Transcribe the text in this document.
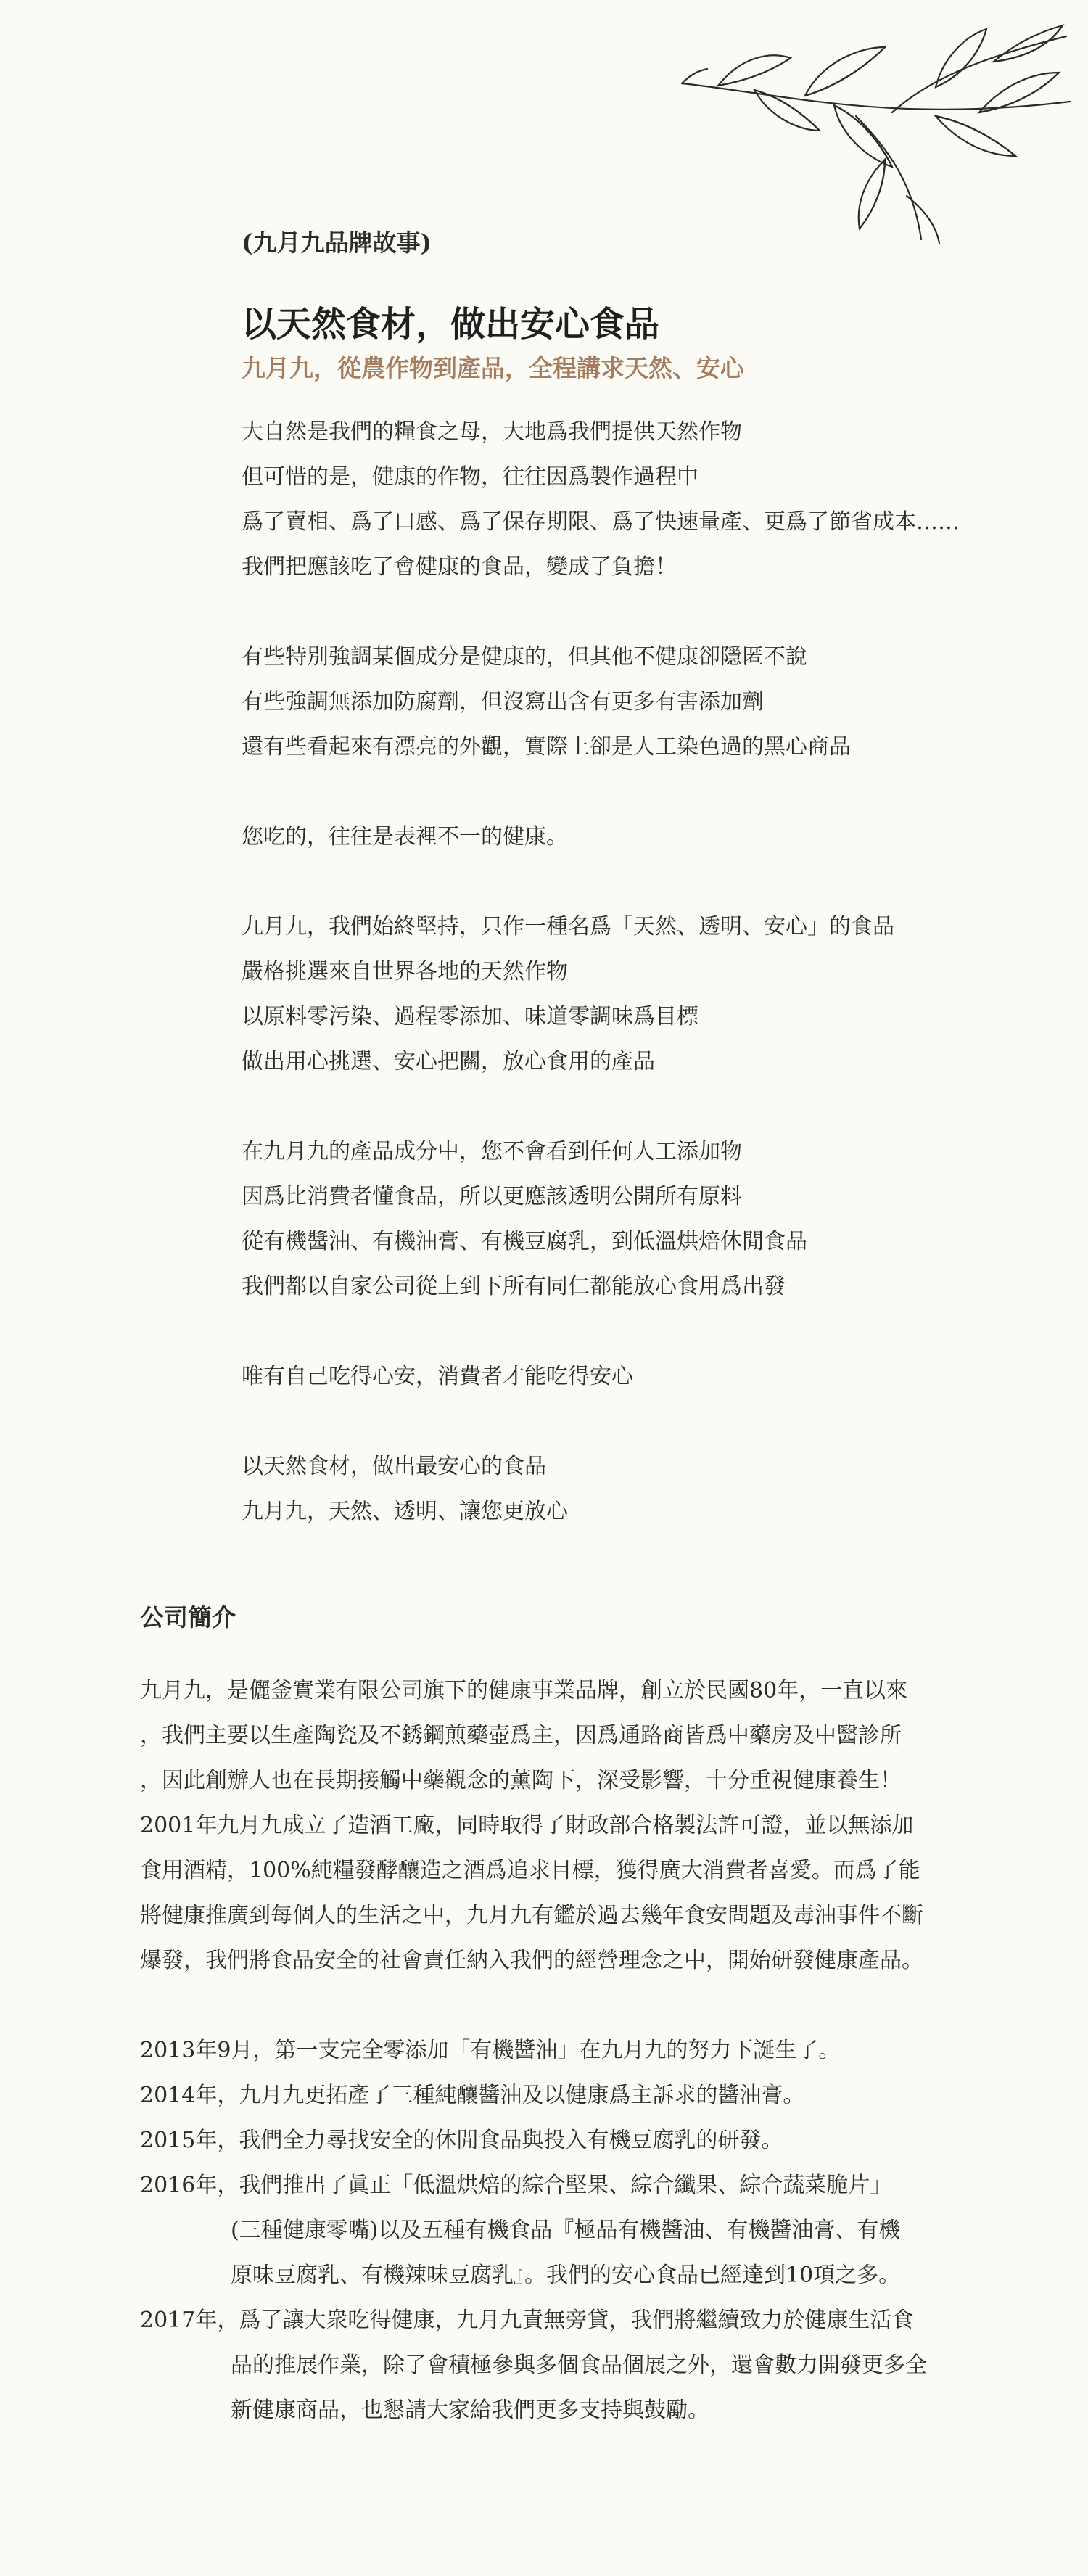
(九月九品牌故事)

以天然食材，做出安心食品
九月九，從農作物到產品，全程講求天然、安心
大自然是我們的糧食之母，大地爲我們提供天然作物
但可惜的是，健康的作物，往往因爲製作過程中
爲了賣相、爲了口感、爲了保存期限、爲了快速量產、更爲了節省成本……
我們把應該吃了會健康的食品，變成了負擔！
有些特別強調某個成分是健康的，但其他不健康卻隱匿不說
有些強調無添加防腐劑，但沒寫出含有更多有害添加劑
還有些看起來有漂亮的外觀，實際上卻是人工染色過的黑心商品
您吃的，往往是表裡不一的健康。
九月九，我們始終堅持，只作一種名爲「天然、透明、安心」的食品
嚴格挑選來自世界各地的天然作物
以原料零污染、過程零添加、味道零調味爲目標
做出用心挑選、安心把關，放心食用的產品
在九月九的產品成分中，您不會看到任何人工添加物
因爲比消費者懂食品，所以更應該透明公開所有原料
從有機醬油、有機油膏、有機豆腐乳，到低溫烘焙休閒食品
我們都以自家公司從上到下所有同仁都能放心食用爲出發
唯有自己吃得心安，消費者才能吃得安心
以天然食材，做出最安心的食品
九月九，天然、透明、讓您更放心
公司簡介
九月九，是儷釜實業有限公司旗下的健康事業品牌，創立於民國80年，一直以來
，我們主要以生產陶瓷及不銹鋼煎藥壺爲主，因爲通路商皆爲中藥房及中醫診所
，因此創辦人也在長期接觸中藥觀念的薰陶下，深受影響，十分重視健康養生！
2001年九月九成立了造酒工廠，同時取得了財政部合格製法許可證，並以無添加
食用酒精，100%純糧發酵釀造之酒爲追求目標，獲得廣大消費者喜愛。而爲了能
將健康推廣到每個人的生活之中，九月九有鑑於過去幾年食安問題及毒油事件不斷
爆發，我們將食品安全的社會責任納入我們的經營理念之中，開始研發健康產品。
2013年9月，第一支完全零添加「有機醬油」在九月九的努力下誕生了。
2014年，九月九更拓產了三種純釀醬油及以健康爲主訴求的醬油膏。
2015年，我們全力尋找安全的休閒食品與投入有機豆腐乳的研發。
2016年，我們推出了眞正「低溫烘焙的綜合堅果、綜合纖果、綜合蔬菜脆片」
(三種健康零嘴)以及五種有機食品『極品有機醬油、有機醬油膏、有機
原味豆腐乳、有機辣味豆腐乳』。我們的安心食品已經達到10項之多。
2017年，爲了讓大衆吃得健康，九月九責無旁貸，我們將繼續致力於健康生活食
品的推展作業，除了會積極參與多個食品個展之外，還會數力開發更多全
新健康商品，也懇請大家給我們更多支持與鼓勵。
